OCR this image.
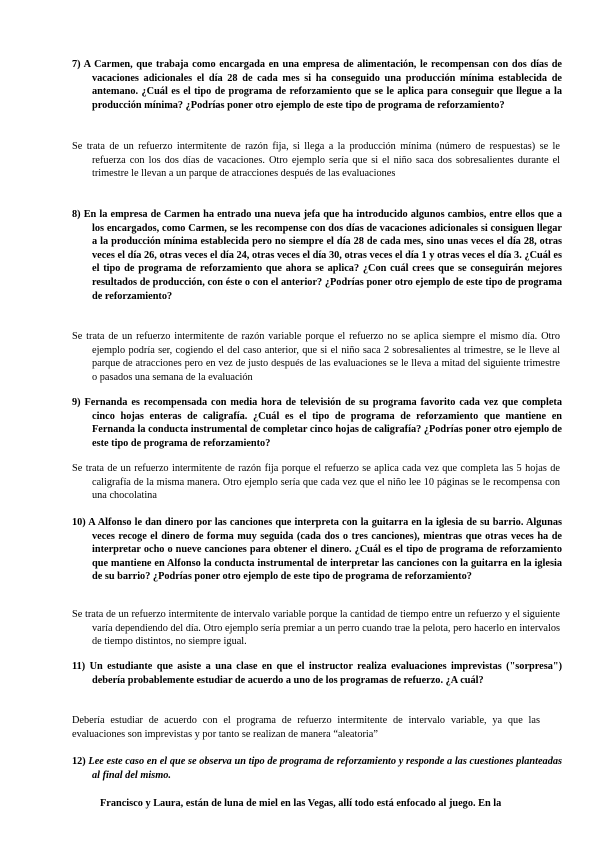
7) A Carmen, que trabaja como encargada en una empresa de alimentación, le recompensan con dos días de vacaciones adicionales el día 28 de cada mes si ha conseguido una producción mínima establecida de antemano. ¿Cuál es el tipo de programa de reforzamiento que se le aplica para conseguir que llegue a la producción mínima? ¿Podrías poner otro ejemplo de este tipo de programa de reforzamiento?
Se trata de un refuerzo intermitente de razón fija, si llega a la producción mínima (número de respuestas) se le refuerza con los dos días de vacaciones. Otro ejemplo sería que si el niño saca dos sobresalientes durante el trimestre le llevan a un parque de atracciones después de las evaluaciones
8) En la empresa de Carmen ha entrado una nueva jefa que ha introducido algunos cambios, entre ellos que a los encargados, como Carmen, se les recompense con dos días de vacaciones adicionales si consiguen llegar a la producción mínima establecida pero no siempre el día 28 de cada mes, sino unas veces el día 28, otras veces el día 26, otras veces el día 24, otras veces el día 30, otras veces el día 1 y otras veces el día 3. ¿Cuál es el tipo de programa de reforzamiento que ahora se aplica? ¿Con cuál crees que se conseguirán mejores resultados de producción, con éste o con el anterior? ¿Podrías poner otro ejemplo de este tipo de programa de reforzamiento?
Se trata de un refuerzo intermitente de razón variable porque el refuerzo no se aplica siempre el mismo día. Otro ejemplo podría ser, cogiendo el del caso anterior, que si el niño saca 2 sobresalientes al trimestre, se le lleve al parque de atracciones pero en vez de justo después de las evaluaciones se le lleva a mitad del siguiente trimestre o pasados una semana de la evaluación
9) Fernanda es recompensada con media hora de televisión de su programa favorito cada vez que completa cinco hojas enteras de caligrafía. ¿Cuál es el tipo de programa de reforzamiento que mantiene en Fernanda la conducta instrumental de completar cinco hojas de caligrafía? ¿Podrías poner otro ejemplo de este tipo de programa de reforzamiento?
Se trata de un refuerzo intermitente de razón fija porque el refuerzo se aplica cada vez que completa las 5 hojas de caligrafía de la misma manera. Otro ejemplo sería que cada vez que el niño lee 10 páginas se le recompensa con una chocolatina
10) A Alfonso le dan dinero por las canciones que interpreta con la guitarra en la iglesia de su barrio. Algunas veces recoge el dinero de forma muy seguida (cada dos o tres canciones), mientras que otras veces ha de interpretar ocho o nueve canciones para obtener el dinero. ¿Cuál es el tipo de programa de reforzamiento que mantiene en Alfonso la conducta instrumental de interpretar las canciones con la guitarra en la iglesia de su barrio? ¿Podrías poner otro ejemplo de este tipo de programa de reforzamiento?
Se trata de un refuerzo intermitente de intervalo variable porque la cantidad de tiempo entre un refuerzo y el siguiente varía dependiendo del día. Otro ejemplo sería premiar a un perro cuando trae la pelota, pero hacerlo en intervalos de tiempo distintos, no siempre igual.
11) Un estudiante que asiste a una clase en que el instructor realiza evaluaciones imprevistas ("sorpresa") debería probablemente estudiar de acuerdo a uno de los programas de refuerzo. ¿A cuál?
Debería estudiar de acuerdo con el programa de refuerzo intermitente de intervalo variable, ya que las evaluaciones son imprevistas y por tanto se realizan de manera “aleatoria”
12) Lee este caso en el que se observa un tipo de programa de reforzamiento y responde a las cuestiones planteadas al final del mismo.
Francisco y Laura, están de luna de miel en las Vegas, allí todo está enfocado al juego. En la
